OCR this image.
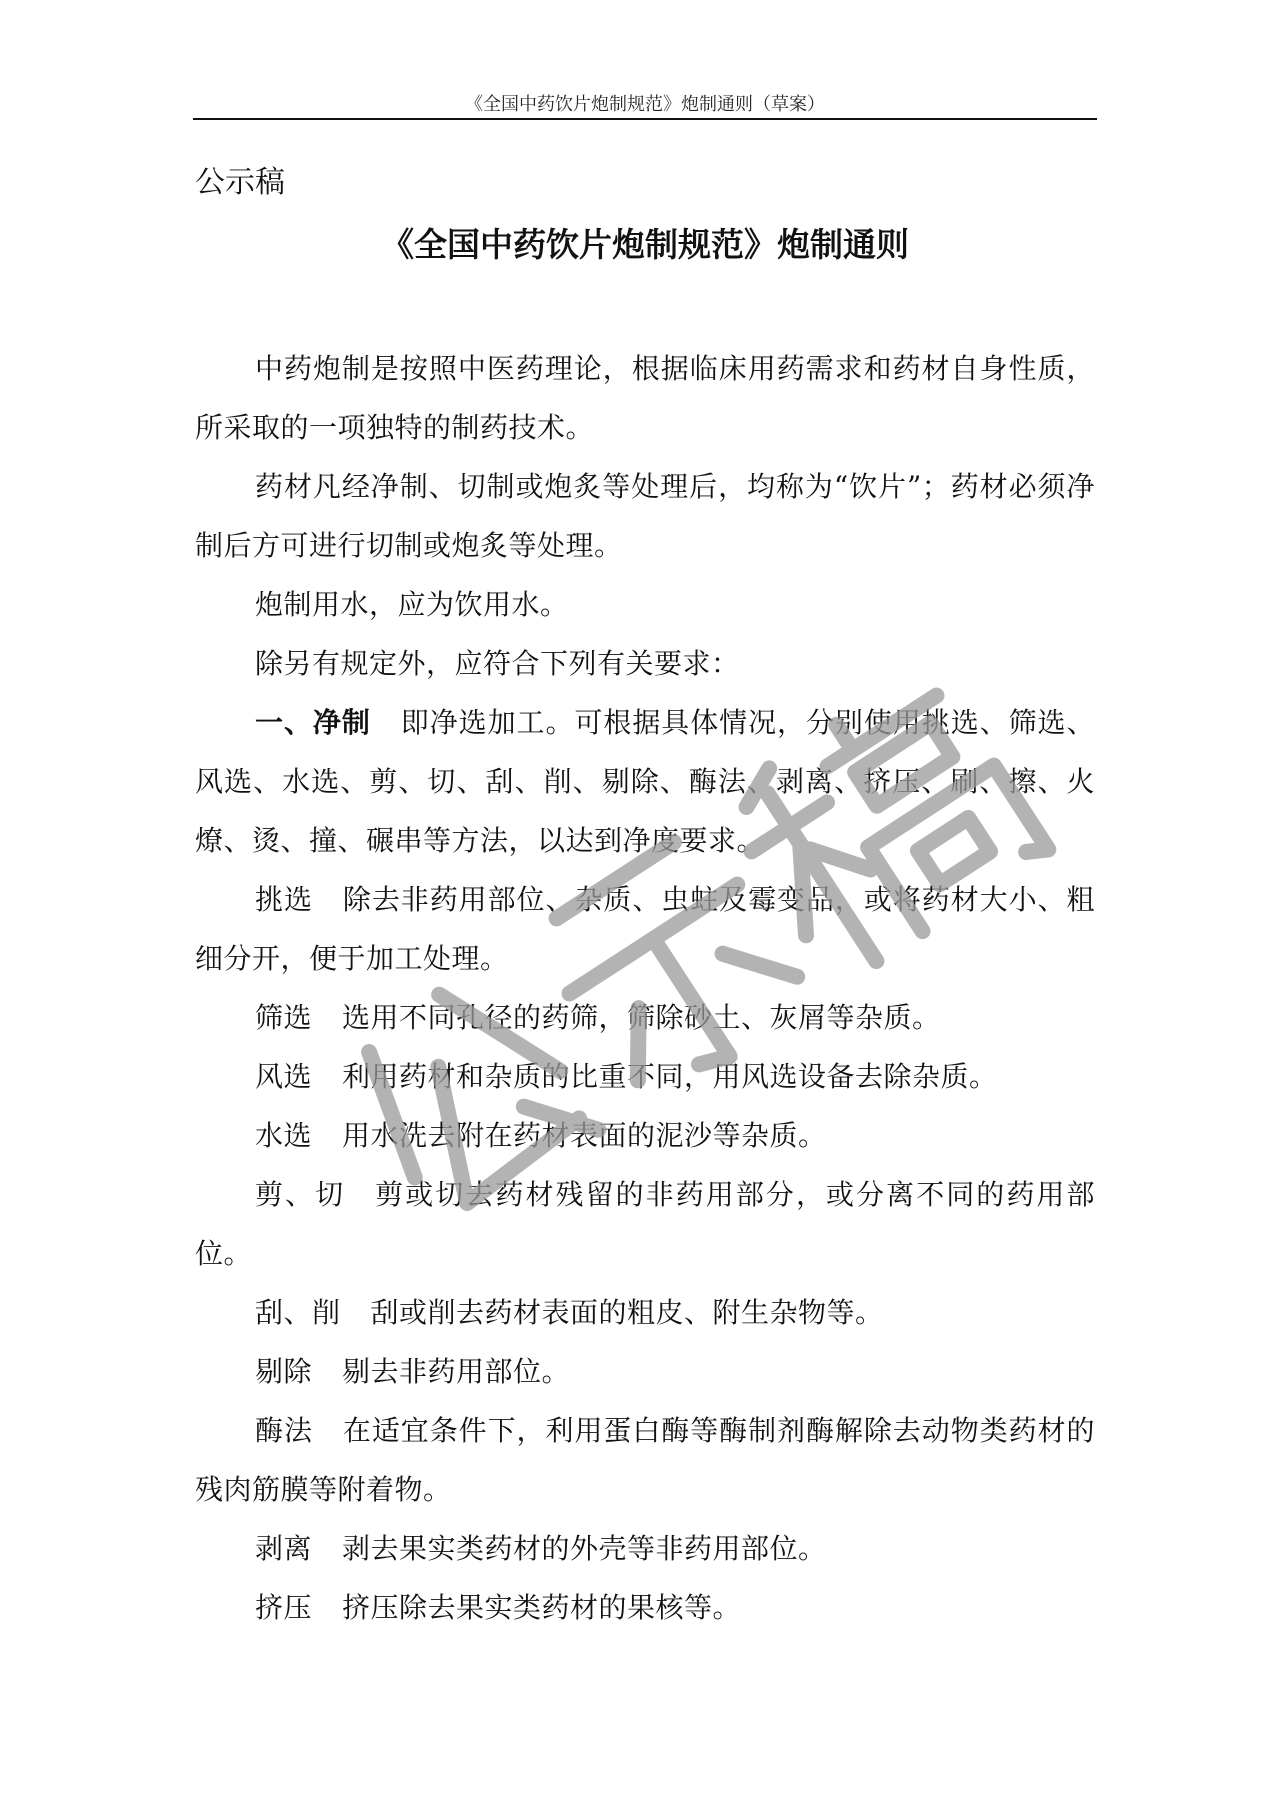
《全国中药饮片炮制规范》炮制通则（草案）
公示稿
《全国中药饮片炮制规范》炮制通则

中药炮制是按照中医药理论，根据临床用药需求和药材自身性质，所采取的一项独特的制药技术。

药材凡经净制、切制或炮炙等处理后，均称为“饮片”；药材必须净制后方可进行切制或炮炙等处理。

炮制用水，应为饮用水。

除另有规定外，应符合下列有关要求：

一、净制 即净选加工。可根据具体情况，分别使用挑选、筛选、风选、水选、剪、切、刮、削、剔除、酶法、剥离、挤压、刷、擦、火燎、烫、撞、碾串等方法，以达到净度要求。

挑选 除去非药用部位、杂质、虫蛀及霉变品，或将药材大小、粗细分开，便于加工处理。

筛选 选用不同孔径的药筛，筛除砂土、灰屑等杂质。

风选 利用药材和杂质的比重不同，用风选设备去除杂质。

水选 用水洗去附在药材表面的泥沙等杂质。

剪、切 剪或切去药材残留的非药用部分，或分离不同的药用部位。

刮、削 刮或削去药材表面的粗皮、附生杂物等。

剔除 剔去非药用部位。

酶法 在适宜条件下，利用蛋白酶等酶制剂酶解除去动物类药材的残肉筋膜等附着物。

剥离 剥去果实类药材的外壳等非药用部位。

挤压 挤压除去果实类药材的果核等。
